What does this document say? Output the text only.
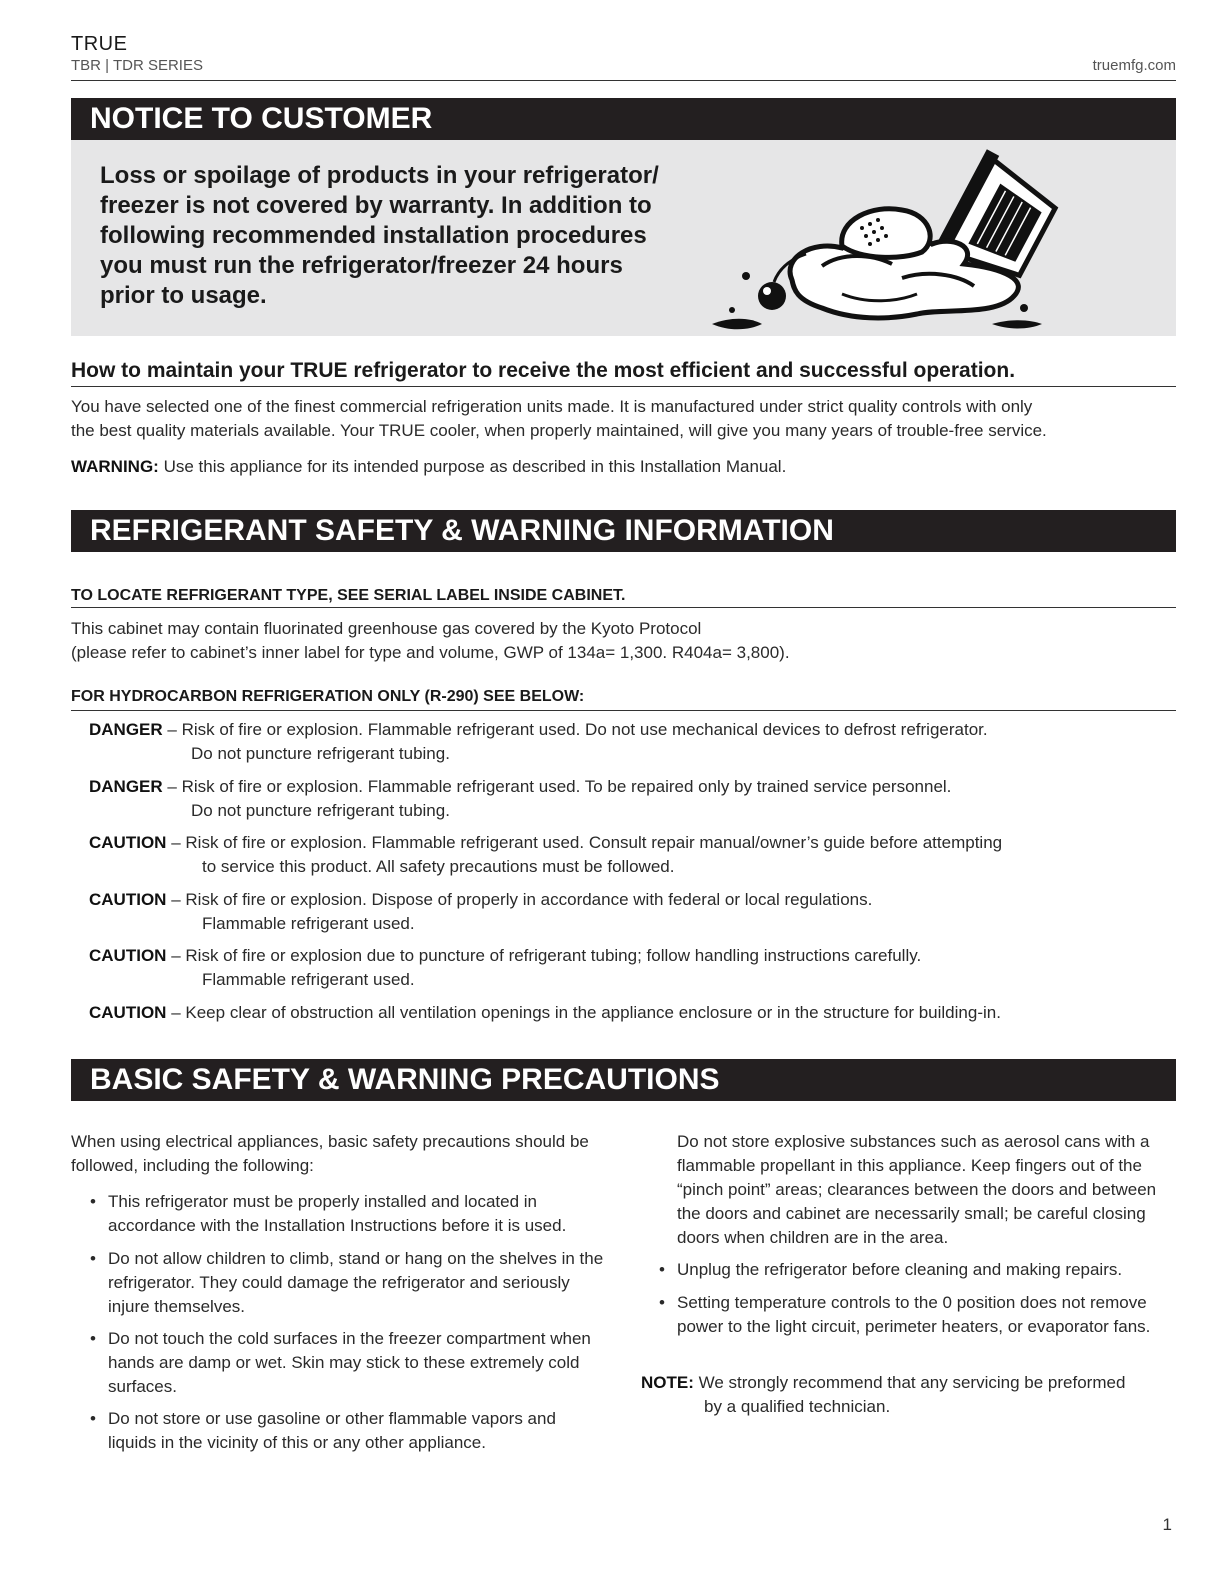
TRUE
TBR | TDR SERIES	truemfg.com
NOTICE TO CUSTOMER
Loss or spoilage of products in your refrigerator/
freezer is not covered by warranty. In addition to
following recommended installation procedures
you must run the refrigerator/freezer 24 hours
prior to usage.
How to maintain your TRUE refrigerator to receive the most efficient and successful operation.
You have selected one of the finest commercial refrigeration units made. It is manufactured under strict quality controls with only
the best quality materials available. Your TRUE cooler, when properly maintained, will give you many years of trouble-free service.
WARNING: Use this appliance for its intended purpose as described in this Installation Manual.
REFRIGERANT SAFETY & WARNING INFORMATION
TO LOCATE REFRIGERANT TYPE, SEE SERIAL LABEL INSIDE CABINET.
This cabinet may contain fluorinated greenhouse gas covered by the Kyoto Protocol
(please refer to cabinet’s inner label for type and volume, GWP of 134a= 1,300. R404a= 3,800).
FOR HYDROCARBON REFRIGERATION ONLY (R-290) SEE BELOW:
DANGER – Risk of fire or explosion. Flammable refrigerant used. Do not use mechanical devices to defrost refrigerator.
Do not puncture refrigerant tubing.
DANGER – Risk of fire or explosion. Flammable refrigerant used. To be repaired only by trained service personnel.
Do not puncture refrigerant tubing.
CAUTION – Risk of fire or explosion. Flammable refrigerant used. Consult repair manual/owner’s guide before attempting
to service this product. All safety precautions must be followed.
CAUTION – Risk of fire or explosion. Dispose of properly in accordance with federal or local regulations.
Flammable refrigerant used.
CAUTION – Risk of fire or explosion due to puncture of refrigerant tubing; follow handling instructions carefully.
Flammable refrigerant used.
CAUTION – Keep clear of obstruction all ventilation openings in the appliance enclosure or in the structure for building-in.
BASIC SAFETY & WARNING PRECAUTIONS
When using electrical appliances, basic safety precautions should be followed, including the following:
• This refrigerator must be properly installed and located in accordance with the Installation Instructions before it is used.
• Do not allow children to climb, stand or hang on the shelves in the refrigerator. They could damage the refrigerator and seriously injure themselves.
• Do not touch the cold surfaces in the freezer compartment when hands are damp or wet. Skin may stick to these extremely cold surfaces.
• Do not store or use gasoline or other flammable vapors and liquids in the vicinity of this or any other appliance.
Do not store explosive substances such as aerosol cans with a flammable propellant in this appliance. Keep fingers out of the “pinch point” areas; clearances between the doors and between the doors and cabinet are necessarily small; be careful closing doors when children are in the area.
• Unplug the refrigerator before cleaning and making repairs.
• Setting temperature controls to the 0 position does not remove power to the light circuit, perimeter heaters, or evaporator fans.
NOTE: We strongly recommend that any servicing be preformed
by a qualified technician.
1
